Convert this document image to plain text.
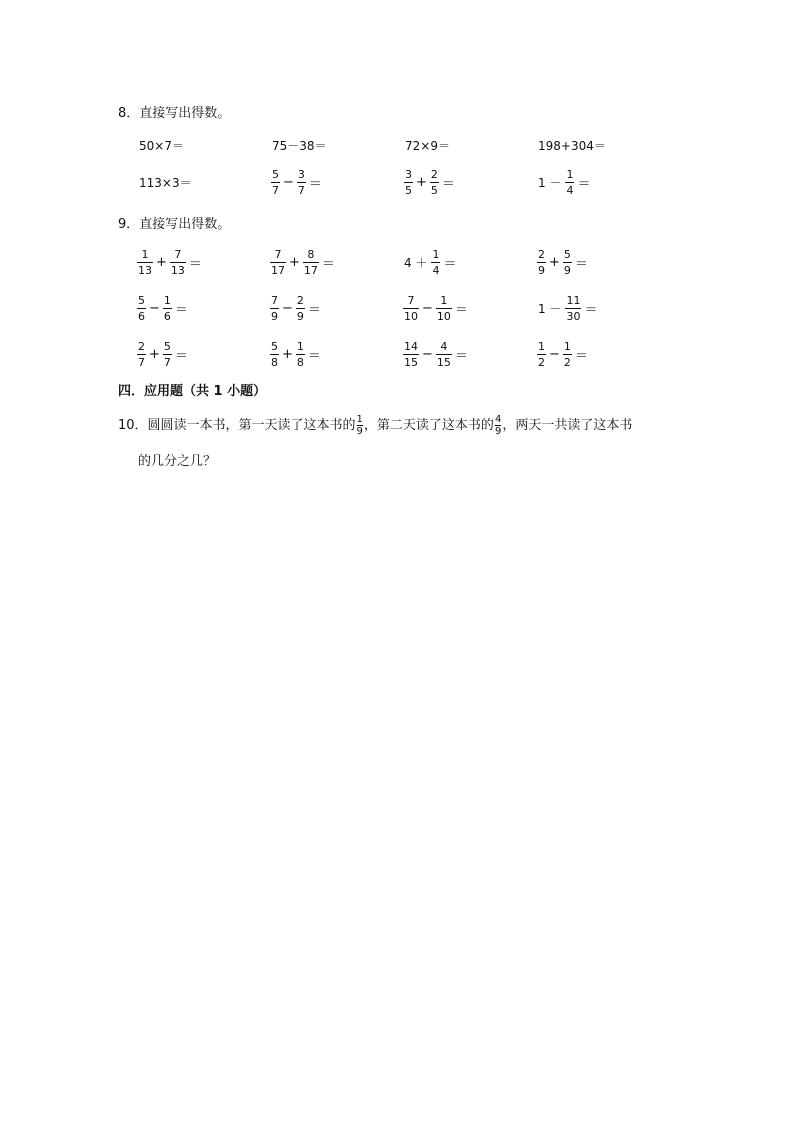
8．直接写出得数。
50×7＝	75－38＝	72×9＝	198+304＝
113×3＝	$\frac{5}{7} - \frac{3}{7}$ ＝	$\frac{3}{5} + \frac{2}{5}$ ＝	$1 - \frac{1}{4}$ ＝
9．直接写出得数。
$\frac{1}{13} + \frac{7}{13}$ ＝	$\frac{7}{17} + \frac{8}{17}$ ＝	$4 + \frac{1}{4}$ ＝	$\frac{2}{9} + \frac{5}{9}$ ＝
$\frac{5}{6} - \frac{1}{6}$ ＝	$\frac{7}{9} - \frac{2}{9}$ ＝	$\frac{7}{10} - \frac{1}{10}$ ＝	$1 - \frac{11}{30}$ ＝
$\frac{2}{7} + \frac{5}{7}$ ＝	$\frac{5}{8} + \frac{1}{8}$ ＝	$\frac{14}{15} - \frac{4}{15}$ ＝	$\frac{1}{2} - \frac{1}{2}$ ＝
四．应用题（共 1 小题）
10．圆圆读一本书，第一天读了这本书的 $\frac{1}{9}$ ，第二天读了这本书的 $\frac{4}{9}$ ，两天一共读了这本书
的几分之几？
